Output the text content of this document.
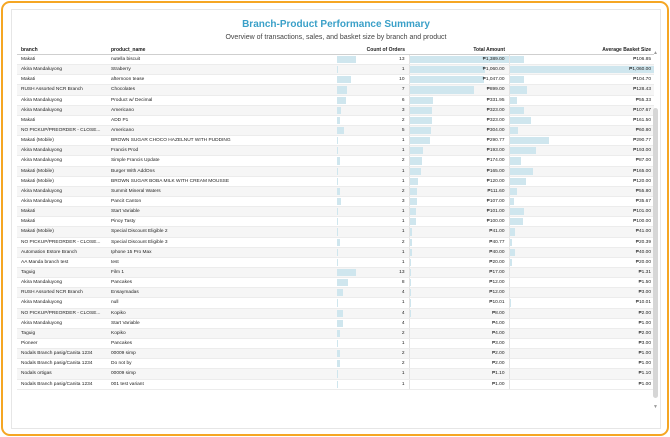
Branch-Product Performance Summary
Overview of transactions, sales, and basket size by branch and product
branch	product_name	Count of Orders	Total Amount	Average Basket Size
Makati	nutella biscuit	13	₱1,389.00	₱106.85
Akira Mandaluyong	Straberry	1	₱1,060.00	₱1,060.00
Makati	afternoon tease	10	₱1,047.00	₱104.70
RUSH Assorted NCR Branch	Chocolates	7	₱899.00	₱128.43
Akira Mandaluyong	Product w/ Decimal	6	₱331.95	₱55.33
Akira Mandaluyong	Americano	3	₱323.00	₱107.67
Makati	ADD P1	2	₱323.00	₱161.50
NO PICKUP/PREORDER - CLOSE...	Americano	5	₱304.00	₱60.80
Makati (Mobile)	BROWN SUGAR CHOCO HAZELNUT WITH PUDDING	1	₱290.77	₱290.77
Akira Mandaluyong	Francis Prod	1	₱193.00	₱193.00
Akira Mandaluyong	Simple Francis Update	2	₱174.00	₱87.00
Makati (Mobile)	Burger With AddOns	1	₱165.00	₱165.00
Makati (Mobile)	BROWN SUGAR BOBA MILK WITH CREAM MOUSSE	1	₱120.00	₱120.00
Akira Mandaluyong	Summit Mineral Waters	2	₱111.60	₱55.80
Akira Mandaluyong	Pancit Canton	3	₱107.00	₱35.67
Makati	Start Variable	1	₱101.00	₱101.00
Makati	Pinoy Tasty	1	₱100.00	₱100.00
Makati (Mobile)	Special Discount Eligible 2	1	₱41.00	₱41.00
NO PICKUP/PREORDER - CLOSE...	Special Discount Eligible 3	2	₱40.77	₱20.39
Automation Estore Branch	Iphone 15 Pro Max	1	₱40.00	₱40.00
AA Manda branch test	test	1	₱20.00	₱20.00
Taguig	Film 1	13	₱17.00	₱1.31
Akira Mandaluyong	Pancakes	8	₱12.00	₱1.50
RUSH Assorted NCR Branch	Ensaymadas	4	₱12.00	₱3.00
Akira Mandaluyong	null	1	₱10.01	₱10.01
NO PICKUP/PREORDER - CLOSE...	Kopiko	4	₱8.00	₱2.00
Akira Mandaluyong	Start Variable	4	₱4.00	₱1.00
Taguig	Kopiko	2	₱4.00	₱2.00
Pioneer	Pancakes	1	₱3.00	₱3.00
Nodals Branch pasig/Canita 1234	00009 simp	2	₱2.00	₱1.00
Nodals Branch pasig/Canita 1234	Do not by	2	₱2.00	₱1.00
Nodals ortigas	00009 simp	1	₱1.10	₱1.10
Nodals Branch pasig/Canita 1234	001 test variant	1	₱1.00	₱1.00
▲
▼
